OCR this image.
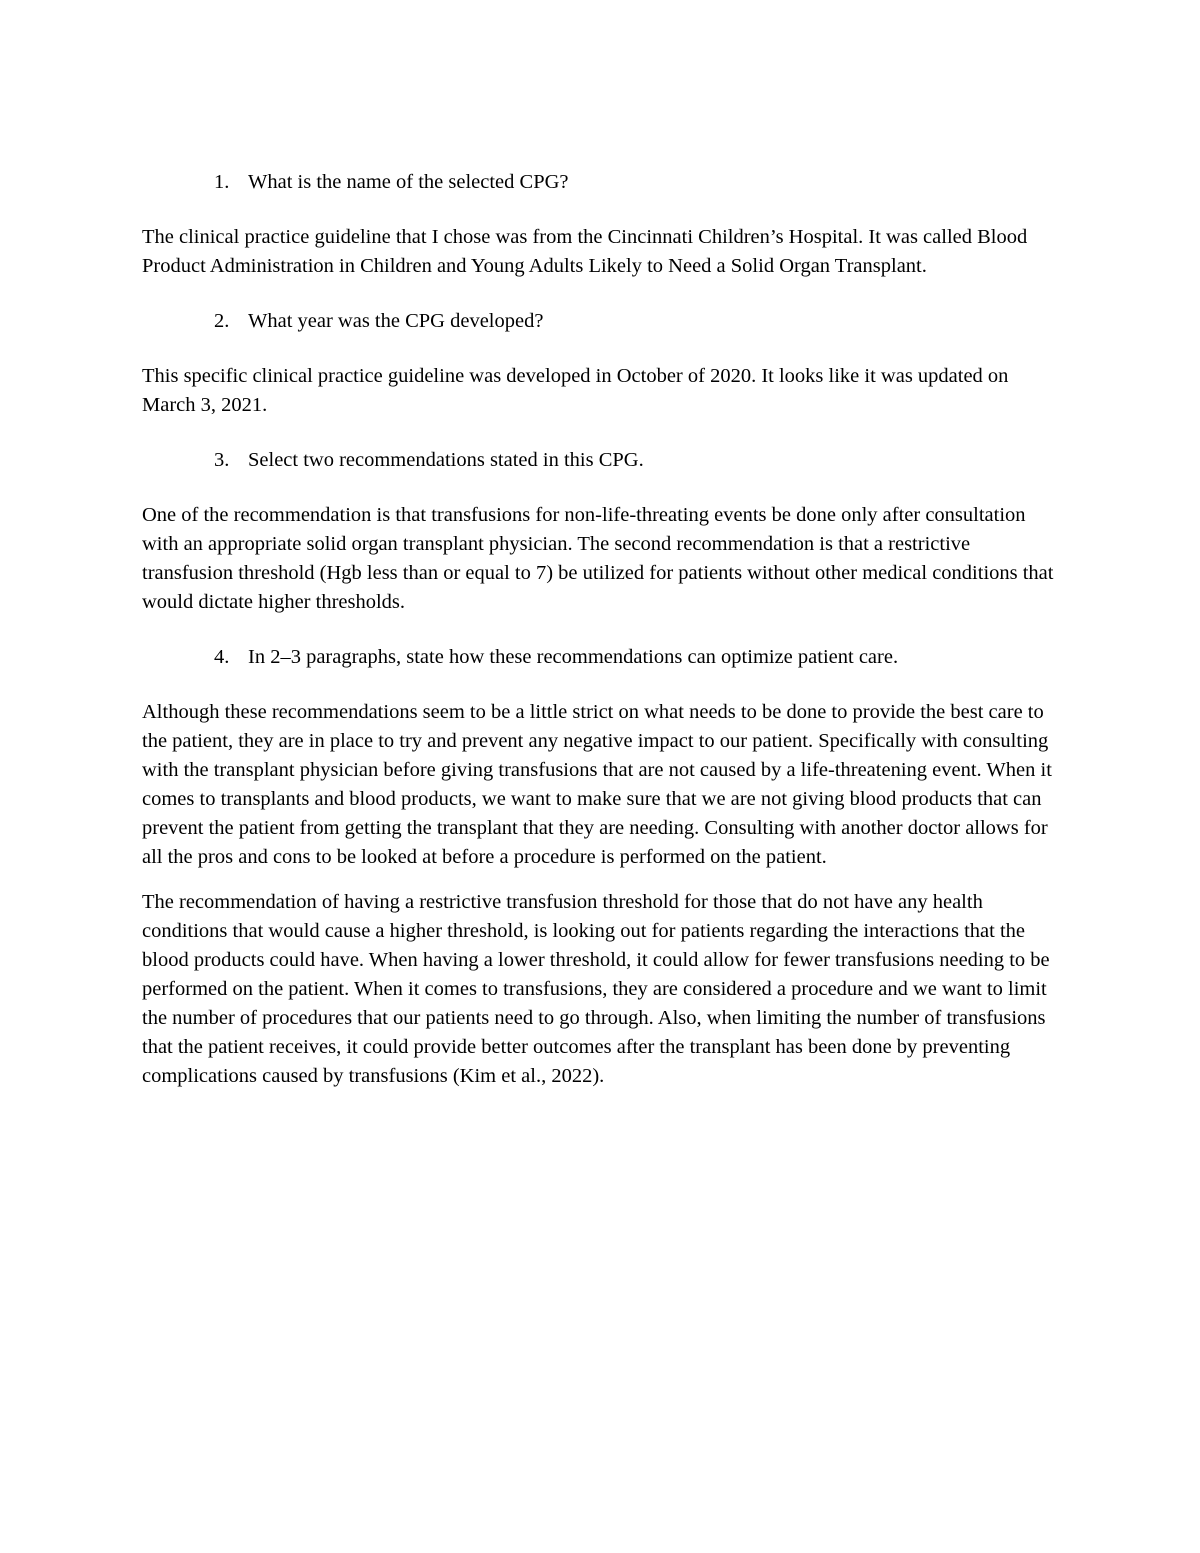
1. What is the name of the selected CPG?

The clinical practice guideline that I chose was from the Cincinnati Children’s Hospital. It was called Blood Product Administration in Children and Young Adults Likely to Need a Solid Organ Transplant.

2. What year was the CPG developed?

This specific clinical practice guideline was developed in October of 2020. It looks like it was updated on March 3, 2021.

3. Select two recommendations stated in this CPG.

One of the recommendation is that transfusions for non-life-threating events be done only after consultation with an appropriate solid organ transplant physician. The second recommendation is that a restrictive transfusion threshold (Hgb less than or equal to 7) be utilized for patients without other medical conditions that would dictate higher thresholds.

4. In 2–3 paragraphs, state how these recommendations can optimize patient care.

Although these recommendations seem to be a little strict on what needs to be done to provide the best care to the patient, they are in place to try and prevent any negative impact to our patient. Specifically with consulting with the transplant physician before giving transfusions that are not caused by a life-threatening event. When it comes to transplants and blood products, we want to make sure that we are not giving blood products that can prevent the patient from getting the transplant that they are needing. Consulting with another doctor allows for all the pros and cons to be looked at before a procedure is performed on the patient.

The recommendation of having a restrictive transfusion threshold for those that do not have any health conditions that would cause a higher threshold, is looking out for patients regarding the interactions that the blood products could have. When having a lower threshold, it could allow for fewer transfusions needing to be performed on the patient. When it comes to transfusions, they are considered a procedure and we want to limit the number of procedures that our patients need to go through. Also, when limiting the number of transfusions that the patient receives, it could provide better outcomes after the transplant has been done by preventing complications caused by transfusions (Kim et al., 2022).
